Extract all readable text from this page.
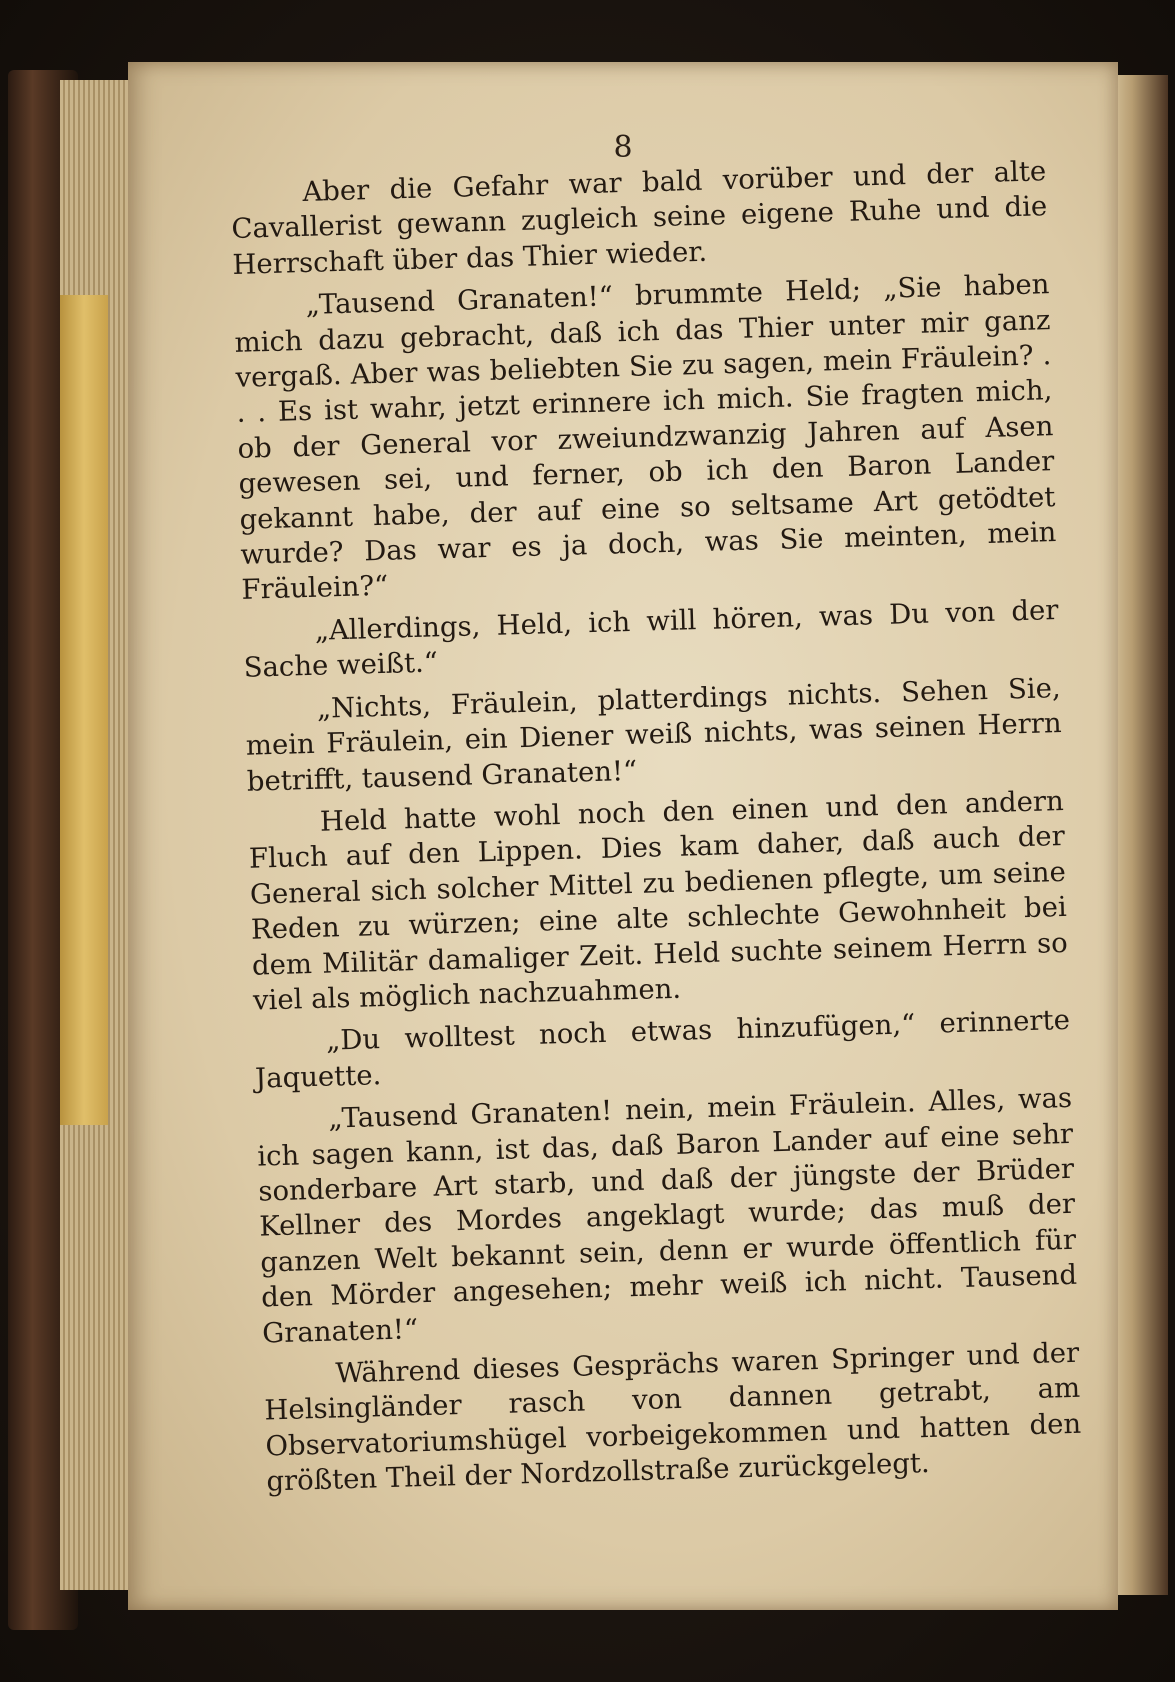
8

Aber die Gefahr war bald vorüber und der alte Cavallerist gewann zugleich seine eigene Ruhe und die Herrschaft über das Thier wieder.

„Tausend Granaten!“ brummte Held; „Sie haben mich dazu gebracht, daß ich das Thier unter mir ganz vergaß. Aber was beliebten Sie zu sagen, mein Fräulein? . . . Es ist wahr, jetzt erinnere ich mich. Sie fragten mich, ob der General vor zweiundzwanzig Jahren auf Asen gewesen sei, und ferner, ob ich den Baron Lander gekannt habe, der auf eine so seltsame Art getödtet wurde? Das war es ja doch, was Sie meinten, mein Fräulein?“

„Allerdings, Held, ich will hören, was Du von der Sache weißt.“

„Nichts, Fräulein, platterdings nichts. Sehen Sie, mein Fräulein, ein Diener weiß nichts, was seinen Herrn betrifft, tausend Granaten!“

Held hatte wohl noch den einen und den andern Fluch auf den Lippen. Dies kam daher, daß auch der General sich solcher Mittel zu bedienen pflegte, um seine Reden zu würzen; eine alte schlechte Gewohnheit bei dem Militär damaliger Zeit. Held suchte seinem Herrn so viel als möglich nachzuahmen.

„Du wolltest noch etwas hinzufügen,“ erinnerte Jaquette.

„Tausend Granaten! nein, mein Fräulein. Alles, was ich sagen kann, ist das, daß Baron Lander auf eine sehr sonderbare Art starb, und daß der jüngste der Brüder Kellner des Mordes angeklagt wurde; das muß der ganzen Welt bekannt sein, denn er wurde öffentlich für den Mörder angesehen; mehr weiß ich nicht. Tausend Granaten!“

Während dieses Gesprächs waren Springer und der Helsingländer rasch von dannen getrabt, am Observatoriumshügel vorbeigekommen und hatten den größten Theil der Nordzollstraße zurückgelegt.
